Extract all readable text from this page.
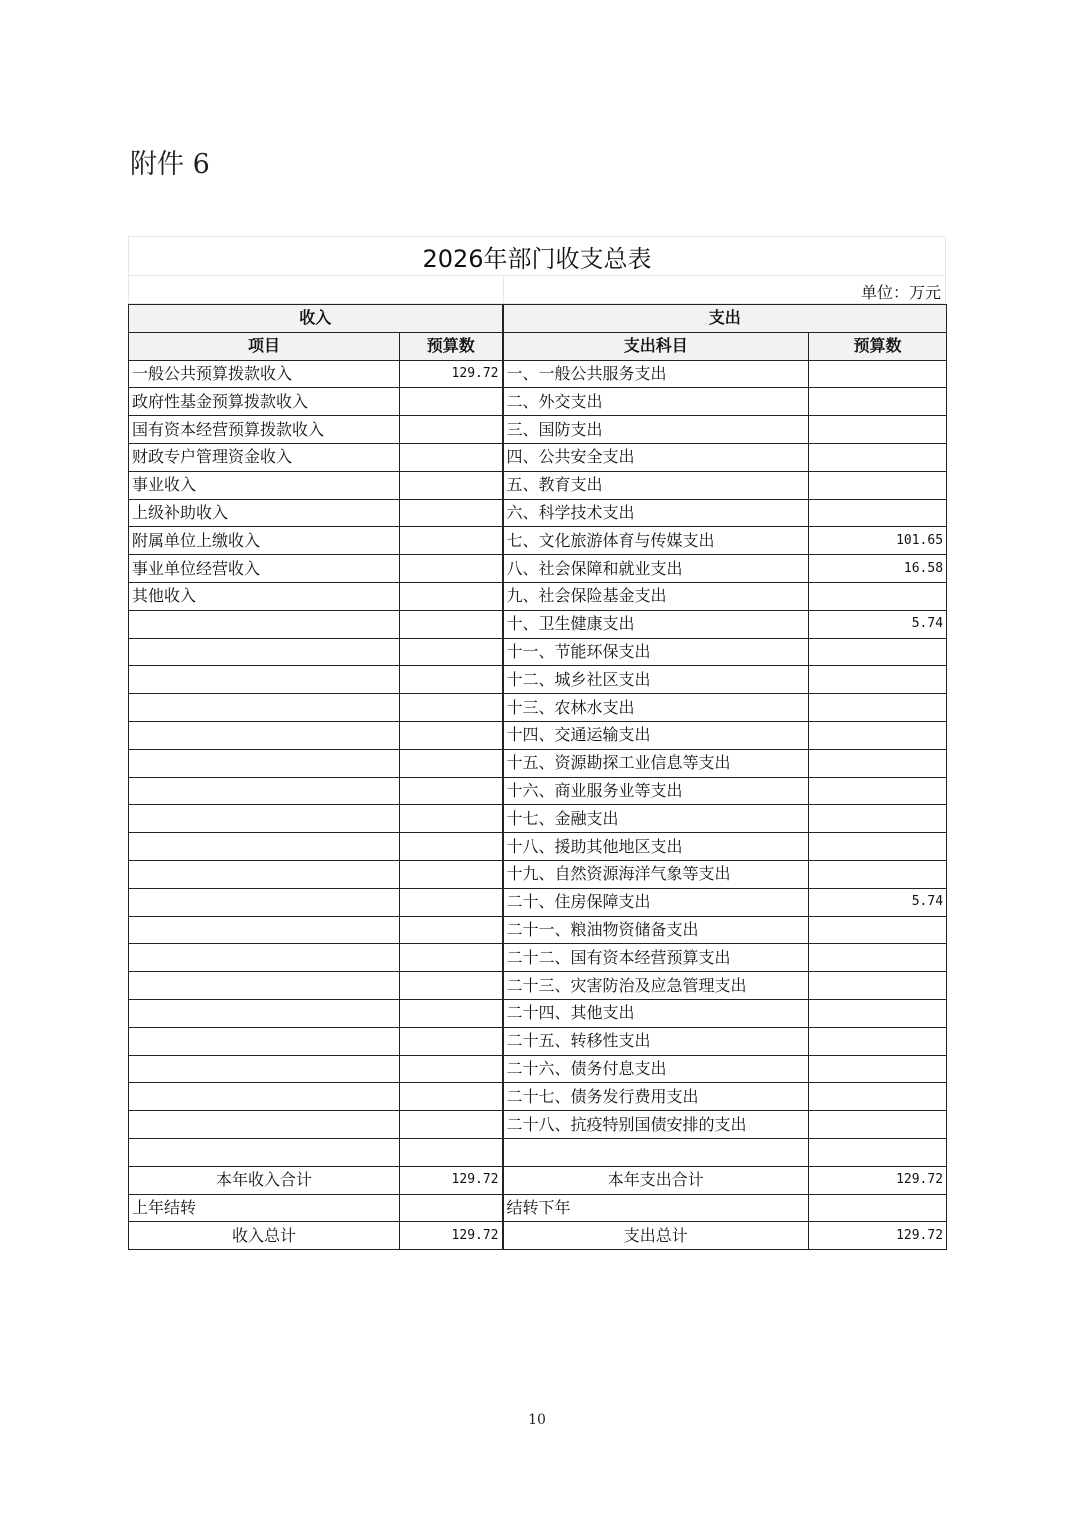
附件 6
2026年部门收支总表
单位：万元
收入		支出	
项目	预算数	支出科目	预算数
一般公共预算拨款收入	129.72	一、一般公共服务支出	
政府性基金预算拨款收入		二、外交支出	
国有资本经营预算拨款收入		三、国防支出	
财政专户管理资金收入		四、公共安全支出	
事业收入		五、教育支出	
上级补助收入		六、科学技术支出	
附属单位上缴收入		七、文化旅游体育与传媒支出	101.65
事业单位经营收入		八、社会保障和就业支出	16.58
其他收入		九、社会保险基金支出	
		十、卫生健康支出	5.74
		十一、节能环保支出	
		十二、城乡社区支出	
		十三、农林水支出	
		十四、交通运输支出	
		十五、资源勘探工业信息等支出	
		十六、商业服务业等支出	
		十七、金融支出	
		十八、援助其他地区支出	
		十九、自然资源海洋气象等支出	
		二十、住房保障支出	5.74
		二十一、粮油物资储备支出	
		二十二、国有资本经营预算支出	
		二十三、灾害防治及应急管理支出	
		二十四、其他支出	
		二十五、转移性支出	
		二十六、债务付息支出	
		二十七、债务发行费用支出	
		二十八、抗疫特别国债安排的支出	

本年收入合计	129.72	本年支出合计	129.72
上年结转		结转下年	
收入总计	129.72	支出总计	129.72
10
